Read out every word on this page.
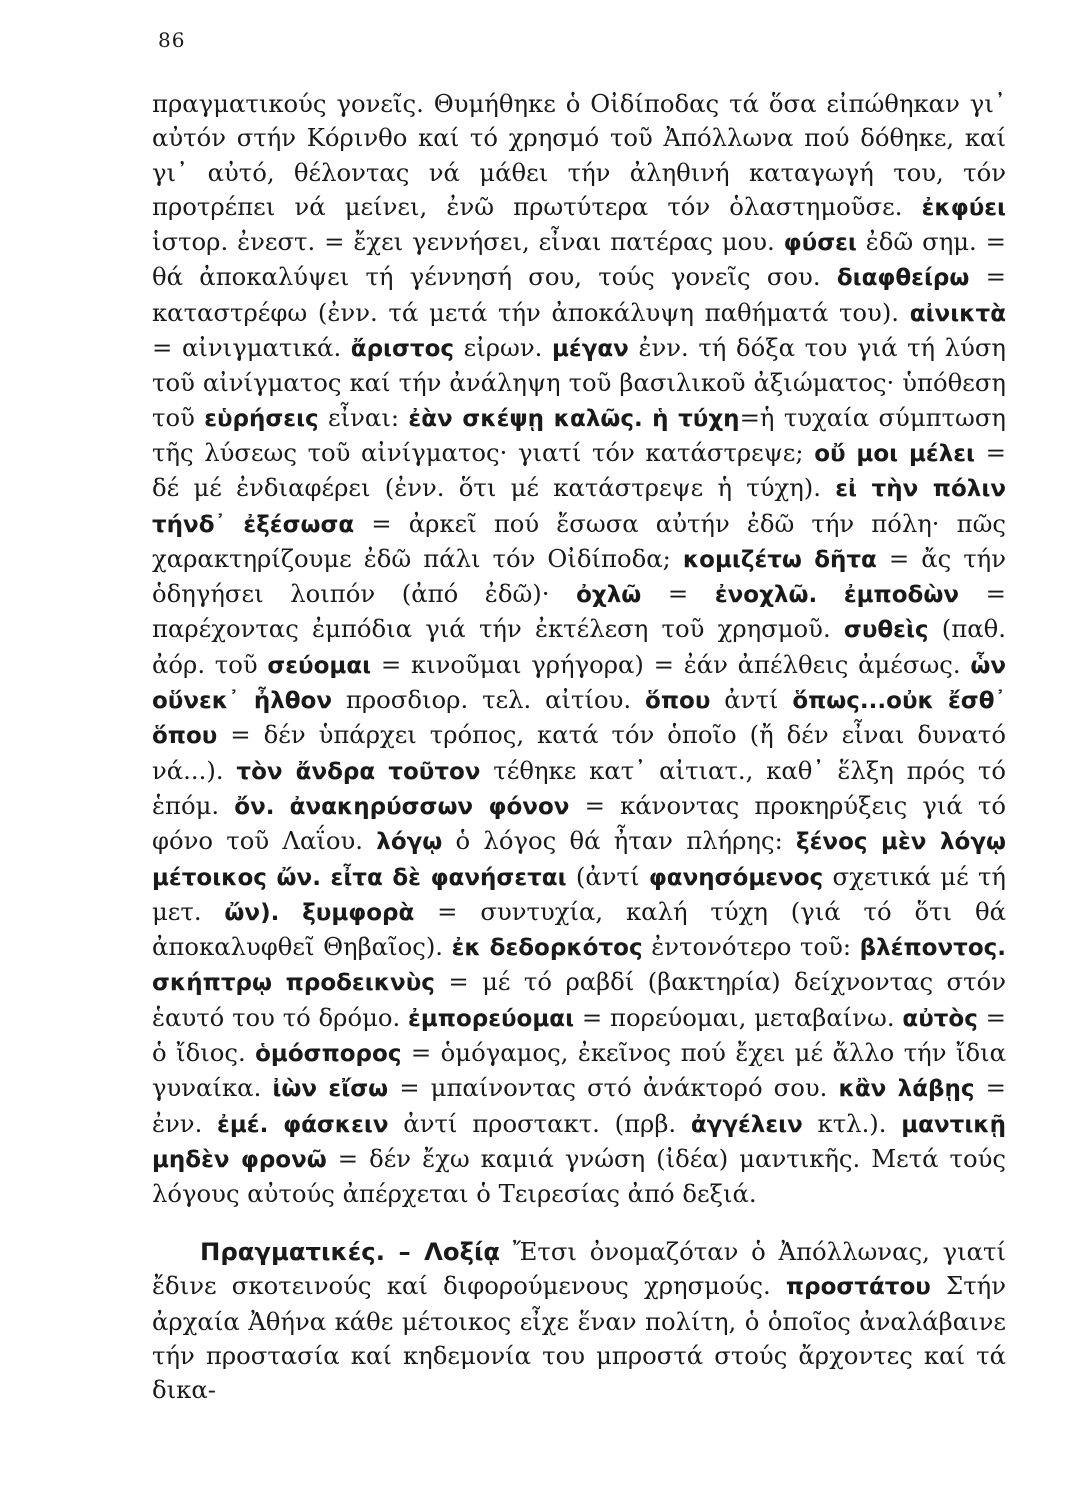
86
πραγματικούς γονεῖς. Θυμήθηκε ὁ Οἰδίποδας τά ὅσα εἰπώθηκαν γι᾿ αὐτόν στήν Κόρινθο καί τό χρησμό τοῦ Ἀπόλλωνα πού δόθηκε, καί γι᾿ αὐτό, θέλοντας νά μάθει τήν ἀληθινή καταγωγή του, τόν προτρέπει νά μείνει, ἐνῶ πρωτύτερα τόν ὁλαστημοῦσε. ἐκφύει ἱστορ. ἐνεστ. = ἔχει γεννήσει, εἶναι πατέρας μου. φύσει ἐδῶ σημ. = θά ἀποκαλύψει τή γέννησή σου, τούς γονεῖς σου. διαφθείρω = καταστρέφω (ἐνν. τά μετά τήν ἀποκάλυψη παθήματά του). αἰνικτὰ = αἰνιγματικά. ἄριστος εἰρων. μέγαν ἐνν. τή δόξα του γιά τή λύση τοῦ αἰνίγματος καί τήν ἀνάληψη τοῦ βασιλικοῦ ἀξιώματος· ὑπόθεση τοῦ εὑρήσεις εἶναι: ἐὰν σκέψῃ καλῶς. ἡ τύχη=ἡ τυχαία σύμπτωση τῆς λύσεως τοῦ αἰνίγματος· γιατί τόν κατάστρεψε; οὔ μοι μέλει = δέ μέ ἐνδιαφέρει (ἐνν. ὅτι μέ κατάστρεψε ἡ τύχη). εἰ τὴν πόλιν τήνδ᾿ ἐξέσωσα = ἀρκεῖ πού ἔσωσα αὐτήν ἐδῶ τήν πόλη· πῶς χαρακτηρίζουμε ἐδῶ πάλι τόν Οἰδίποδα; κομιζέτω δῆτα = ἄς τήν ὁδηγήσει λοιπόν (ἀπό ἐδῶ)· ὀχλῶ = ἐνοχλῶ. ἐμποδὼν = παρέχοντας ἐμπόδια γιά τήν ἐκτέλεση τοῦ χρησμοῦ. συθεὶς (παθ. ἀόρ. τοῦ σεύομαι = κινοῦμαι γρήγορα) = ἐάν ἀπέλθεις ἀμέσως. ὧν οὕνεκ᾿ ἦλθον προσδιορ. τελ. αἰτίου. ὅπου ἀντί ὅπως...οὐκ ἔσθ᾿ ὅπου = δέν ὑπάρχει τρόπος, κατά τόν ὁποῖο (ἤ δέν εἶναι δυνατό νά...). τὸν ἄνδρα τοῦτον τέθηκε κατ᾿ αἰτιατ., καθ᾿ ἕλξη πρός τό ἑπόμ. ὄν. ἀνακηρύσσων φόνον = κάνοντας προκηρύξεις γιά τό φόνο τοῦ Λαΐου. λόγῳ ὁ λόγος θά ἦταν πλήρης: ξένος μὲν λόγῳ μέτοικος ὤν. εἶτα δὲ φανήσεται (ἀντί φανησόμενος σχετικά μέ τή μετ. ὤν). ξυμφορὰ = συντυχία, καλή τύχη (γιά τό ὅτι θά ἀποκαλυφθεῖ Θηβαῖος). ἐκ δεδορκότος ἐντονότερο τοῦ: βλέποντος. σκήπτρῳ προδεικνὺς = μέ τό ραβδί (βακτηρία) δείχνοντας στόν ἑαυτό του τό δρόμο. ἐμπορεύομαι = πορεύομαι, μεταβαίνω. αὐτὸς = ὁ ἴδιος. ὁμόσπορος = ὁμόγαμος, ἐκεῖνος πού ἔχει μέ ἄλλο τήν ἴδια γυναίκα. ἰὼν εἴσω = μπαίνοντας στό ἀνάκτορό σου. κἂν λάβῃς = ἐνν. ἐμέ. φάσκειν ἀντί προστακτ. (πρβ. ἀγγέλειν κτλ.). μαντικῇ μηδὲν φρονῶ = δέν ἔχω καμιά γνώση (ἰδέα) μαντικῆς. Μετά τούς λόγους αὐτούς ἀπέρχεται ὁ Τειρεσίας ἀπό δεξιά.
Πραγματικές. – Λοξίᾳ Ἔτσι ὀνομαζόταν ὁ Ἀπόλλωνας, γιατί ἔδινε σκοτεινούς καί διφορούμενους χρησμούς. προστάτου Στήν ἀρχαία Ἀθήνα κάθε μέτοικος εἶχε ἕναν πολίτη, ὁ ὁποῖος ἀναλάβαινε τήν προστασία καί κηδεμονία του μπροστά στούς ἄρχοντες καί τά δικα-
